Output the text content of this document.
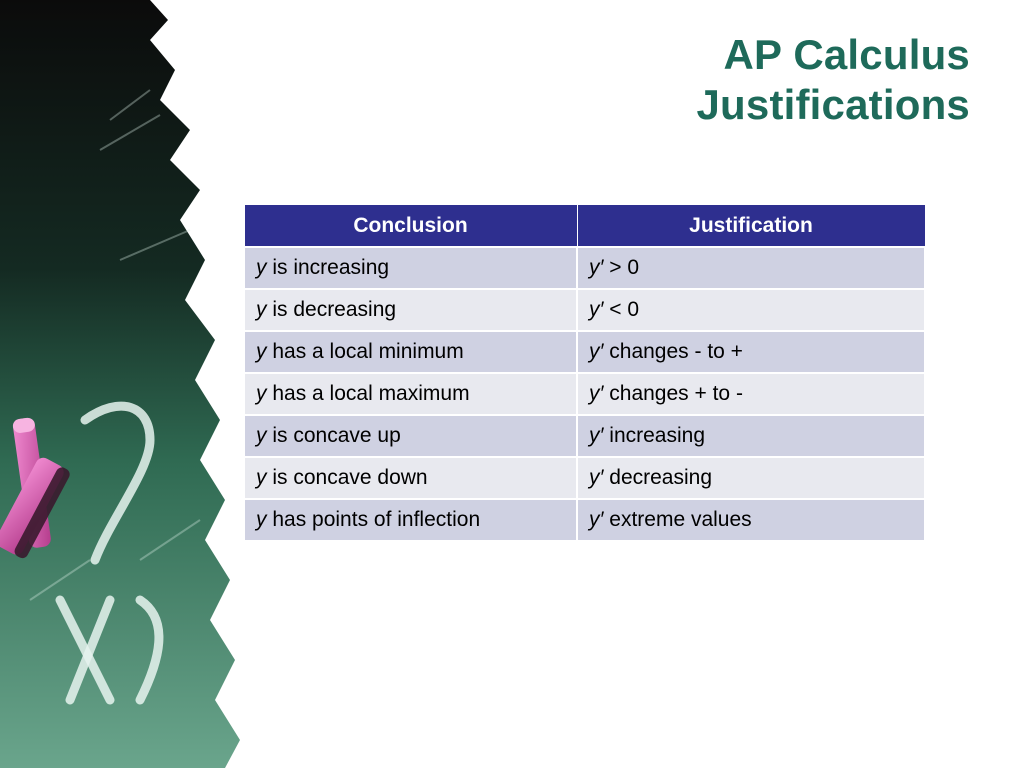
AP Calculus
Justifications
Conclusion	Justification
y is increasing	y′ > 0
y is decreasing	y′ < 0
y has a local minimum	y′ changes - to +
y has a local maximum	y′ changes + to -
y is concave up	y′ increasing
y is concave down	y′ decreasing
y has points of inflection	y′ extreme values
